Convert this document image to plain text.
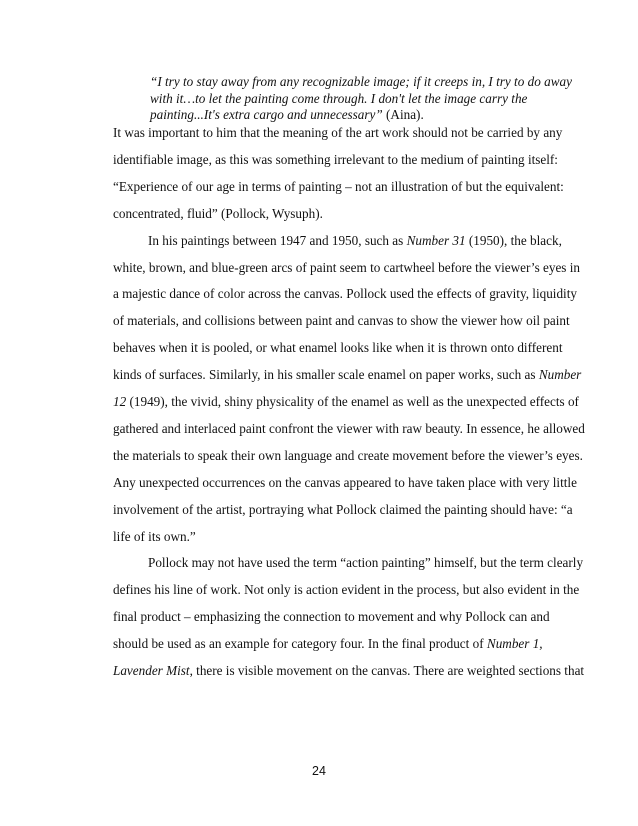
“I try to stay away from any recognizable image; if it creeps in, I try to do away
with it…to let the painting come through. I don't let the image carry the
painting...It's extra cargo and unnecessary” (Aina).
It was important to him that the meaning of the art work should not be carried by any
identifiable image, as this was something irrelevant to the medium of painting itself:
“Experience of our age in terms of painting – not an illustration of but the equivalent:
concentrated, fluid” (Pollock, Wysuph).
In his paintings between 1947 and 1950, such as Number 31 (1950), the black,
white, brown, and blue-green arcs of paint seem to cartwheel before the viewer’s eyes in
a majestic dance of color across the canvas. Pollock used the effects of gravity, liquidity
of materials, and collisions between paint and canvas to show the viewer how oil paint
behaves when it is pooled, or what enamel looks like when it is thrown onto different
kinds of surfaces. Similarly, in his smaller scale enamel on paper works, such as Number
12 (1949), the vivid, shiny physicality of the enamel as well as the unexpected effects of
gathered and interlaced paint confront the viewer with raw beauty. In essence, he allowed
the materials to speak their own language and create movement before the viewer’s eyes.
Any unexpected occurrences on the canvas appeared to have taken place with very little
involvement of the artist, portraying what Pollock claimed the painting should have: “a
life of its own.”
Pollock may not have used the term “action painting” himself, but the term clearly
defines his line of work. Not only is action evident in the process, but also evident in the
final product – emphasizing the connection to movement and why Pollock can and
should be used as an example for category four. In the final product of Number 1,
Lavender Mist, there is visible movement on the canvas. There are weighted sections that
24
